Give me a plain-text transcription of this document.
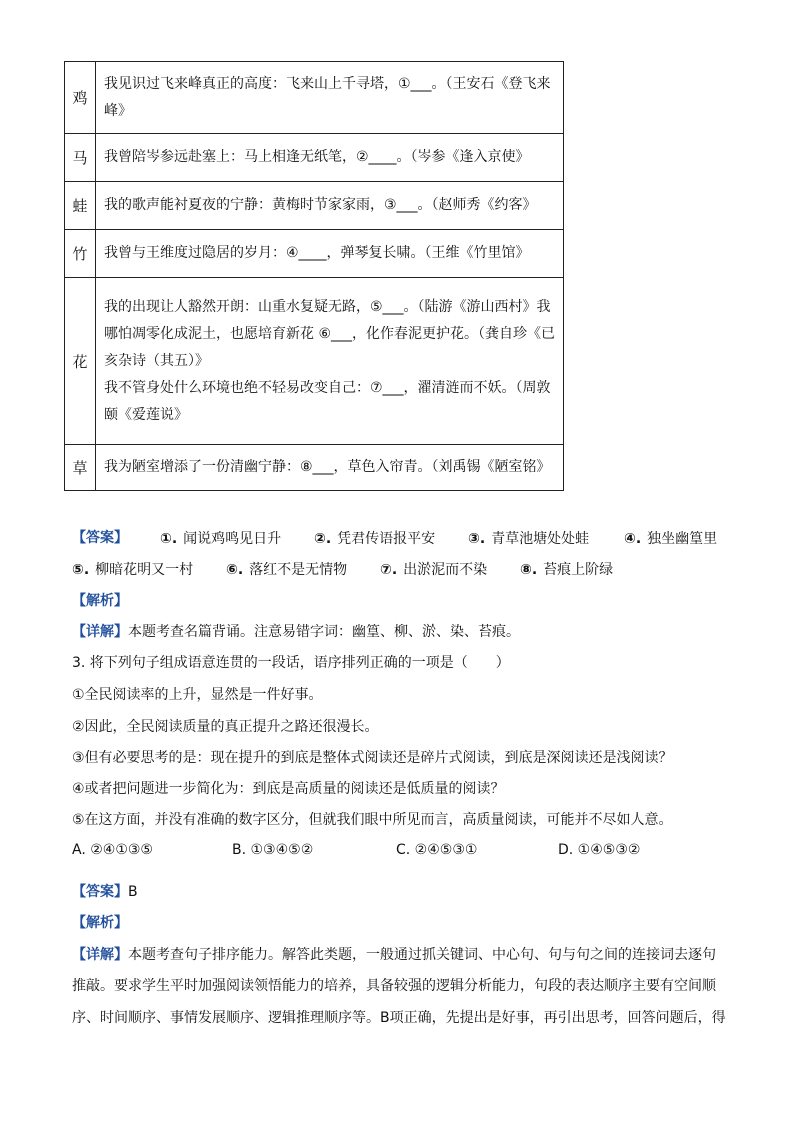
鸡	我见识过飞来峰真正的高度：飞来山上千寻塔，①___。（王安石《登飞来峰》
马	我曾陪岑参远赴塞上：马上相逢无纸笔，②____。（岑参《逢入京使》
蛙	我的歌声能衬夏夜的宁静：黄梅时节家家雨，③___。（赵师秀《约客》
竹	我曾与王维度过隐居的岁月：④____，弹琴复长啸。（王维《竹里馆》
花	我的出现让人豁然开朗：山重水复疑无路，⑤___。（陆游《游山西村》我
哪怕凋零化成泥土，也愿培育新花 ⑥___，化作春泥更护花。（龚自珍《已
亥杂诗（其五）》
我不管身处什么环境也绝不轻易改变自己：⑦___，濯清涟而不妖。（周敦
颐《爱莲说》

草	我为陋室增添了一份清幽宁静：⑧___，草色入帘青。（刘禹锡《陋室铭》
【答案】 ①. 闻说鸡鸣见日升 ②. 凭君传语报平安 ③. 青草池塘处处蛙 ④. 独坐幽篁里
⑤. 柳暗花明又一村 ⑥. 落红不是无情物 ⑦. 出淤泥而不染 ⑧. 苔痕上阶绿
【解析】
【详解】本题考查名篇背诵。注意易错字词：幽篁、柳、淤、染、苔痕。
3. 将下列句子组成语意连贯的一段话，语序排列正确的一项是（　　）
①全民阅读率的上升，显然是一件好事。
②因此，全民阅读质量的真正提升之路还很漫长。
③但有必要思考的是：现在提升的到底是整体式阅读还是碎片式阅读，到底是深阅读还是浅阅读？
④或者把问题进一步简化为：到底是高质量的阅读还是低质量的阅读？
⑤在这方面，并没有准确的数字区分，但就我们眼中所见而言，高质量阅读，可能并不尽如人意。
A. ②④①③⑤	B. ①③④⑤②	C. ②④⑤③①	D. ①④⑤③②
【答案】B
【解析】
【详解】本题考查句子排序能力。解答此类题，一般通过抓关键词、中心句、句与句之间的连接词去逐句
推敲。要求学生平时加强阅读领悟能力的培养，具备较强的逻辑分析能力，句段的表达顺序主要有空间顺
序、时间顺序、事情发展顺序、逻辑推理顺序等。B项正确，先提出是好事，再引出思考，回答问题后，得
